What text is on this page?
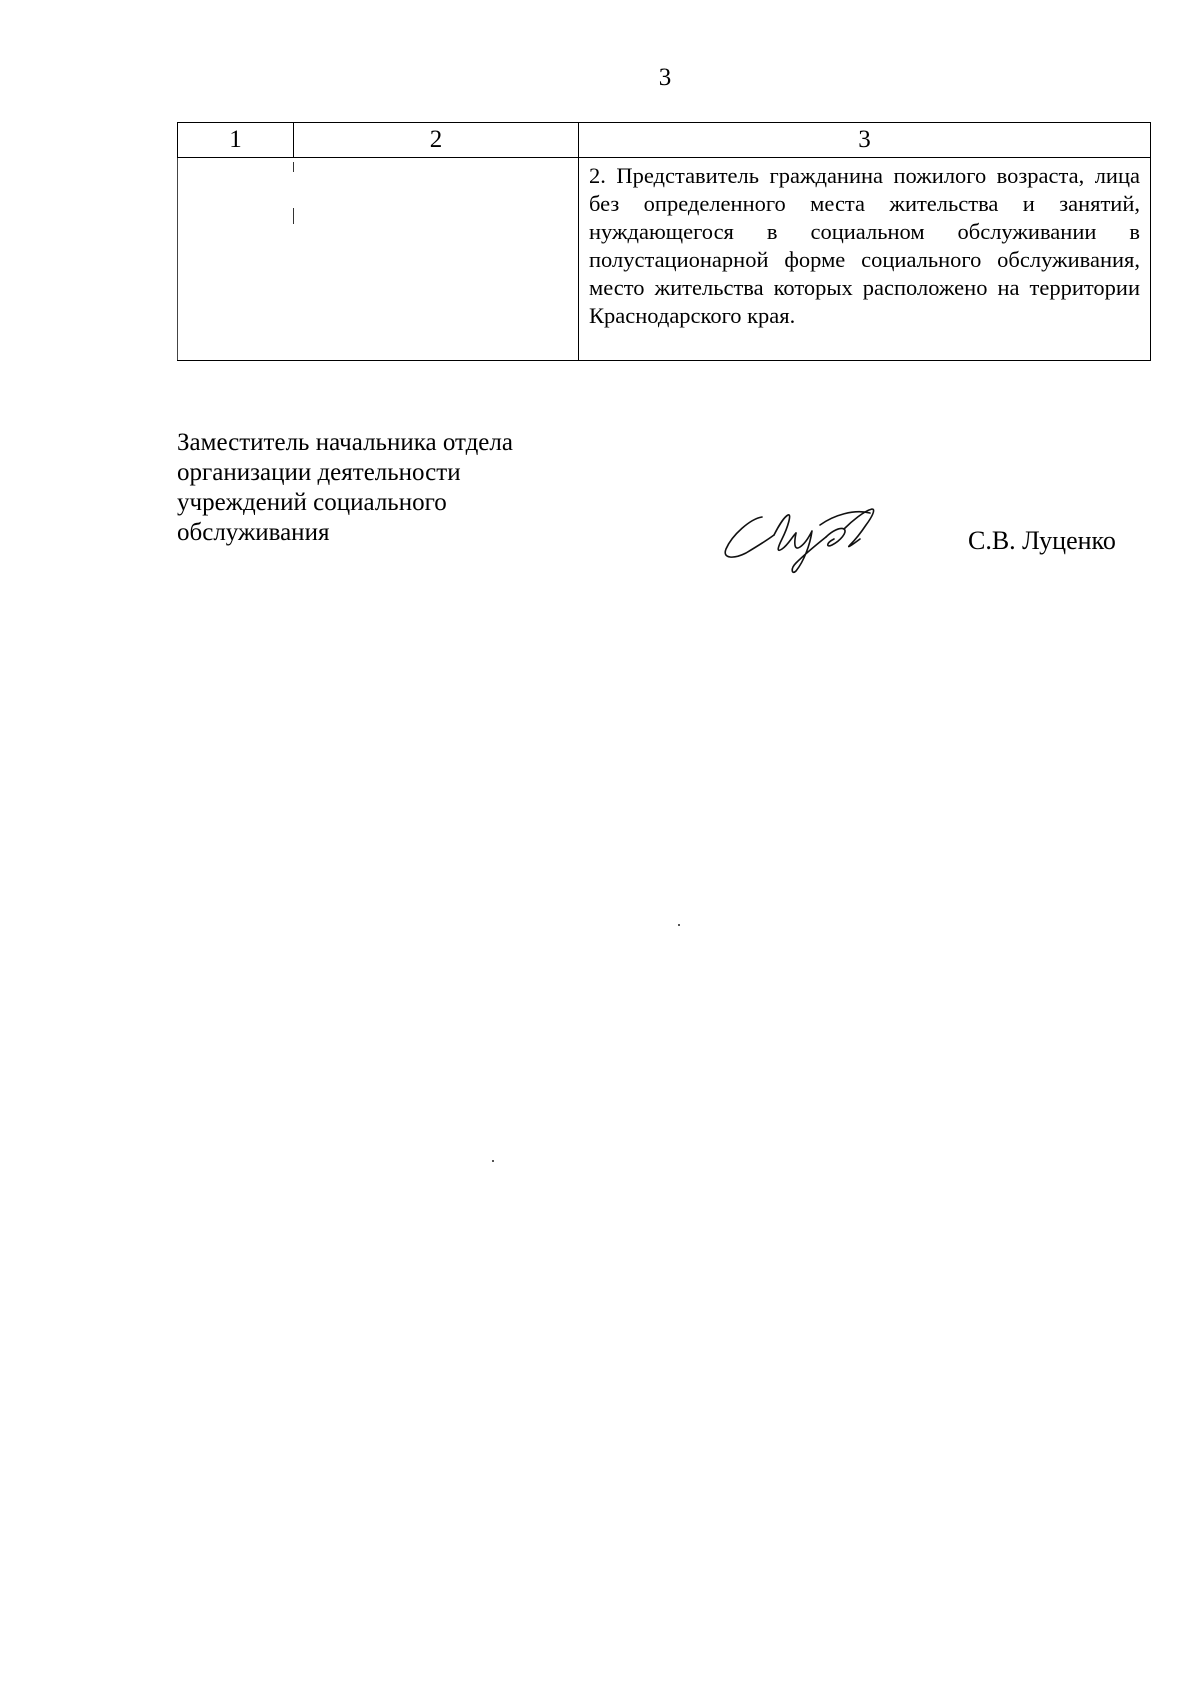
3
1	2	3

		2. Представитель гражданина пожилого возраста, лица без определенного места жительства и занятий, нуждающегося в социальном обслуживании в полустационарной форме социального обслуживания, место жительства которых расположено на территории Краснодарского края.
Заместитель начальника отдела
организации деятельности
учреждений социального
обслуживания	С.В. Луценко
